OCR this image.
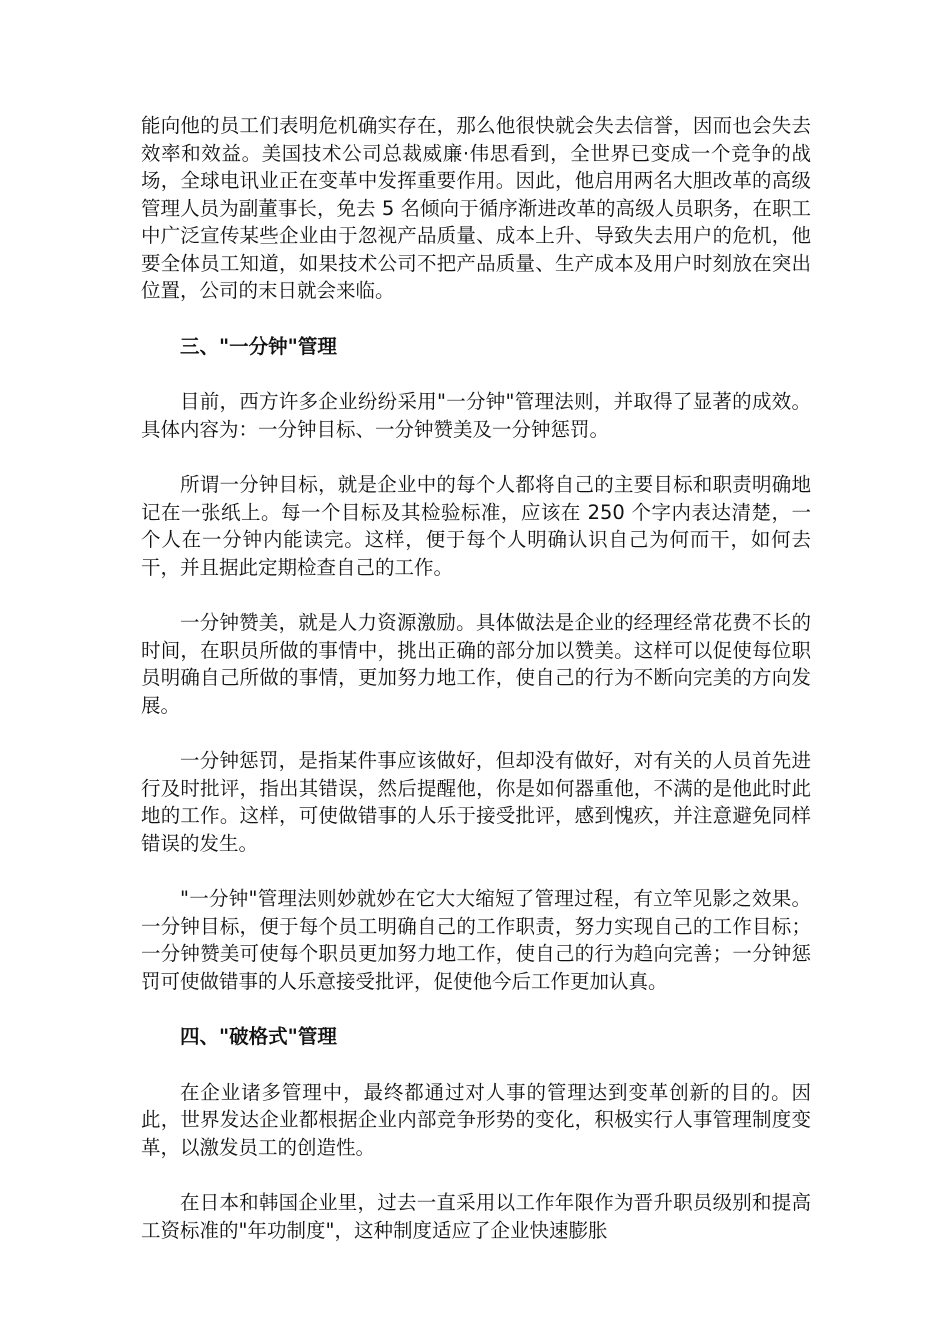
能向他的员工们表明危机确实存在，那么他很快就会失去信誉，因而也会失去效率和效益。美国技术公司总裁威廉·伟思看到，全世界已变成一个竞争的战场，全球电讯业正在变革中发挥重要作用。因此，他启用两名大胆改革的高级管理人员为副董事长，免去 5 名倾向于循序渐进改革的高级人员职务，在职工中广泛宣传某些企业由于忽视产品质量、成本上升、导致失去用户的危机，他要全体员工知道，如果技术公司不把产品质量、生产成本及用户时刻放在突出位置，公司的末日就会来临。

三、"一分钟"管理

目前，西方许多企业纷纷采用"一分钟"管理法则，并取得了显著的成效。具体内容为：一分钟目标、一分钟赞美及一分钟惩罚。

所谓一分钟目标，就是企业中的每个人都将自己的主要目标和职责明确地记在一张纸上。每一个目标及其检验标准，应该在 250 个字内表达清楚，一个人在一分钟内能读完。这样，便于每个人明确认识自己为何而干，如何去干，并且据此定期检查自己的工作。

一分钟赞美，就是人力资源激励。具体做法是企业的经理经常花费不长的时间，在职员所做的事情中，挑出正确的部分加以赞美。这样可以促使每位职员明确自己所做的事情，更加努力地工作，使自己的行为不断向完美的方向发展。

一分钟惩罚，是指某件事应该做好，但却没有做好，对有关的人员首先进行及时批评，指出其错误，然后提醒他，你是如何器重他，不满的是他此时此地的工作。这样，可使做错事的人乐于接受批评，感到愧疚，并注意避免同样错误的发生。

"一分钟"管理法则妙就妙在它大大缩短了管理过程，有立竿见影之效果。一分钟目标，便于每个员工明确自己的工作职责，努力实现自己的工作目标；一分钟赞美可使每个职员更加努力地工作，使自己的行为趋向完善；一分钟惩罚可使做错事的人乐意接受批评，促使他今后工作更加认真。

四、"破格式"管理

在企业诸多管理中，最终都通过对人事的管理达到变革创新的目的。因此，世界发达企业都根据企业内部竞争形势的变化，积极实行人事管理制度变革，以激发员工的创造性。

在日本和韩国企业里，过去一直采用以工作年限作为晋升职员级别和提高工资标准的"年功制度"，这种制度适应了企业快速膨胀
